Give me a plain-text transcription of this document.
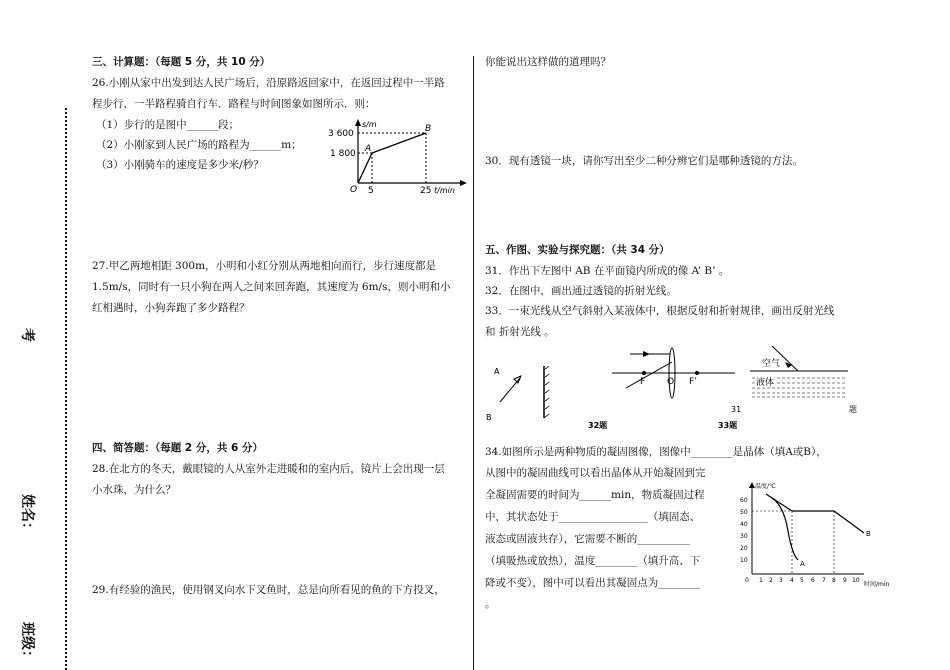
考
姓名：
班级：
三、计算题：（每题 5 分，共 10 分）
26.小刚从家中出发到达人民广场后，沿原路返回家中，在返回过程中一半路
程步行，一半路程骑自行车．路程与时间图象如图所示．则：
（1）步行的是图中______段；
（2）小刚家到人民广场的路程为______m；
（3）小刚骑车的速度是多少米/秒？
s/m
3 600
1 800
5	25 t/min
O
A
B
27.甲乙两地相距 300m，小明和小红分别从两地相向而行，步行速度都是
1.5m/s，同时有一只小狗在两人之间来回奔跑，其速度为 6m/s，则小明和小
红相遇时，小狗奔跑了多少路程？
四、简答题：（每题 2 分，共 6 分）
28.在北方的冬天，戴眼镜的人从室外走进暖和的室内后，镜片上会出现一层
小水珠，为什么？
29.有经验的渔民，使用钢叉向水下叉鱼时，总是向所看见的鱼的下方投叉，
你能说出这样做的道理吗？
30．现有透镜一块，请你写出至少二种分辨它们是哪种透镜的方法。
五、作图、实验与探究题：（共 34 分）
31．作出下左图中 AB 在平面镜内所成的像 A’ B’ 。
32．在图中，画出通过透镜的折射光线。
33．一束光线从空气斜射入某液体中，根据反射和折射规律，画出反射光线
和 折射光线 。
A
B
F O F’
空气
液体
32题	33题
31	题
34.如图所示是两种物质的凝固图像，图像中________是晶体（填A或B），
从图中的凝固曲线可以看出晶体从开始凝固到完
全凝固需要的时间为______min，物质凝固过程
中，其状态处于_________________（填固态、
液态或固液共存），它需要不断的__________
（填吸热或放热），温度________（填升高、下
降或不变），图中可以看出其凝固点为________
。
温度/℃
时间/min
60
50
40
30
20
10
0 1 2 3 4 5 6 7 8 9 10
A
B
